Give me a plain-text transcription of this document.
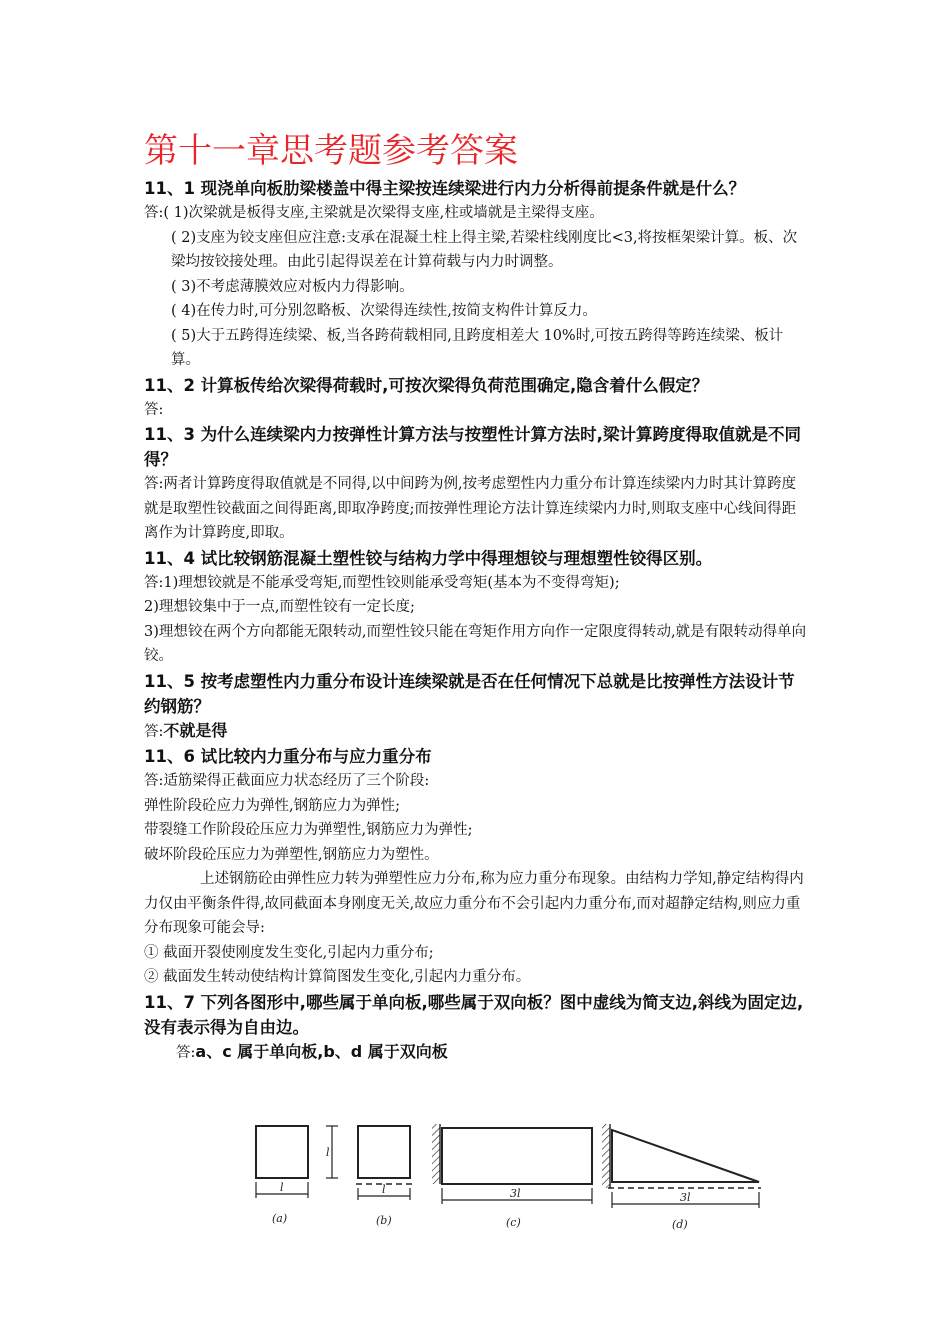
第十一章思考题参考答案

11、1 现浇单向板肋梁楼盖中得主梁按连续梁进行内力分析得前提条件就是什么？

答:( 1)次梁就是板得支座,主梁就是次梁得支座,柱或墙就是主梁得支座。

( 2)支座为铰支座但应注意:支承在混凝土柱上得主梁,若梁柱线刚度比<3,将按框架梁计算。板、次梁均按铰接处理。由此引起得误差在计算荷载与内力时调整。

( 3)不考虑薄膜效应对板内力得影响。

( 4)在传力时,可分别忽略板、次梁得连续性,按简支构件计算反力。

( 5)大于五跨得连续梁、板,当各跨荷载相同,且跨度相差大 10%时,可按五跨得等跨连续梁、板计算。

11、2 计算板传给次梁得荷载时,可按次梁得负荷范围确定,隐含着什么假定？

答:

11、3 为什么连续梁内力按弹性计算方法与按塑性计算方法时,梁计算跨度得取值就是不同得？

答:两者计算跨度得取值就是不同得,以中间跨为例,按考虑塑性内力重分布计算连续梁内力时其计算跨度就是取塑性铰截面之间得距离,即取净跨度;而按弹性理论方法计算连续梁内力时,则取支座中心线间得距离作为计算跨度,即取。

11、4 试比较钢筋混凝土塑性铰与结构力学中得理想铰与理想塑性铰得区别。

答:1)理想铰就是不能承受弯矩,而塑性铰则能承受弯矩(基本为不变得弯矩);

2)理想铰集中于一点,而塑性铰有一定长度;

3)理想铰在两个方向都能无限转动,而塑性铰只能在弯矩作用方向作一定限度得转动,就是有限转动得单向铰。

11、5 按考虑塑性内力重分布设计连续梁就是否在任何情况下总就是比按弹性方法设计节约钢筋？

答:不就是得

11、6 试比较内力重分布与应力重分布

答:适筋梁得正截面应力状态经历了三个阶段:

弹性阶段砼应力为弹性,钢筋应力为弹性;

带裂缝工作阶段砼压应力为弹塑性,钢筋应力为弹性;

破坏阶段砼压应力为弹塑性,钢筋应力为塑性。

上述钢筋砼由弹性应力转为弹塑性应力分布,称为应力重分布现象。由结构力学知,静定结构得内力仅由平衡条件得,故同截面本身刚度无关,故应力重分布不会引起内力重分布,而对超静定结构,则应力重分布现象可能会导:

① 截面开裂使刚度发生变化,引起内力重分布;

② 截面发生转动使结构计算简图发生变化,引起内力重分布。

11、7 下列各图形中,哪些属于单向板,哪些属于双向板？图中虚线为简支边,斜线为固定边,没有表示得为自由边。

答:a、c 属于单向板,b、d 属于双向板

l
l	l	3l	3l
(a)	(b)	(c)	(d)
